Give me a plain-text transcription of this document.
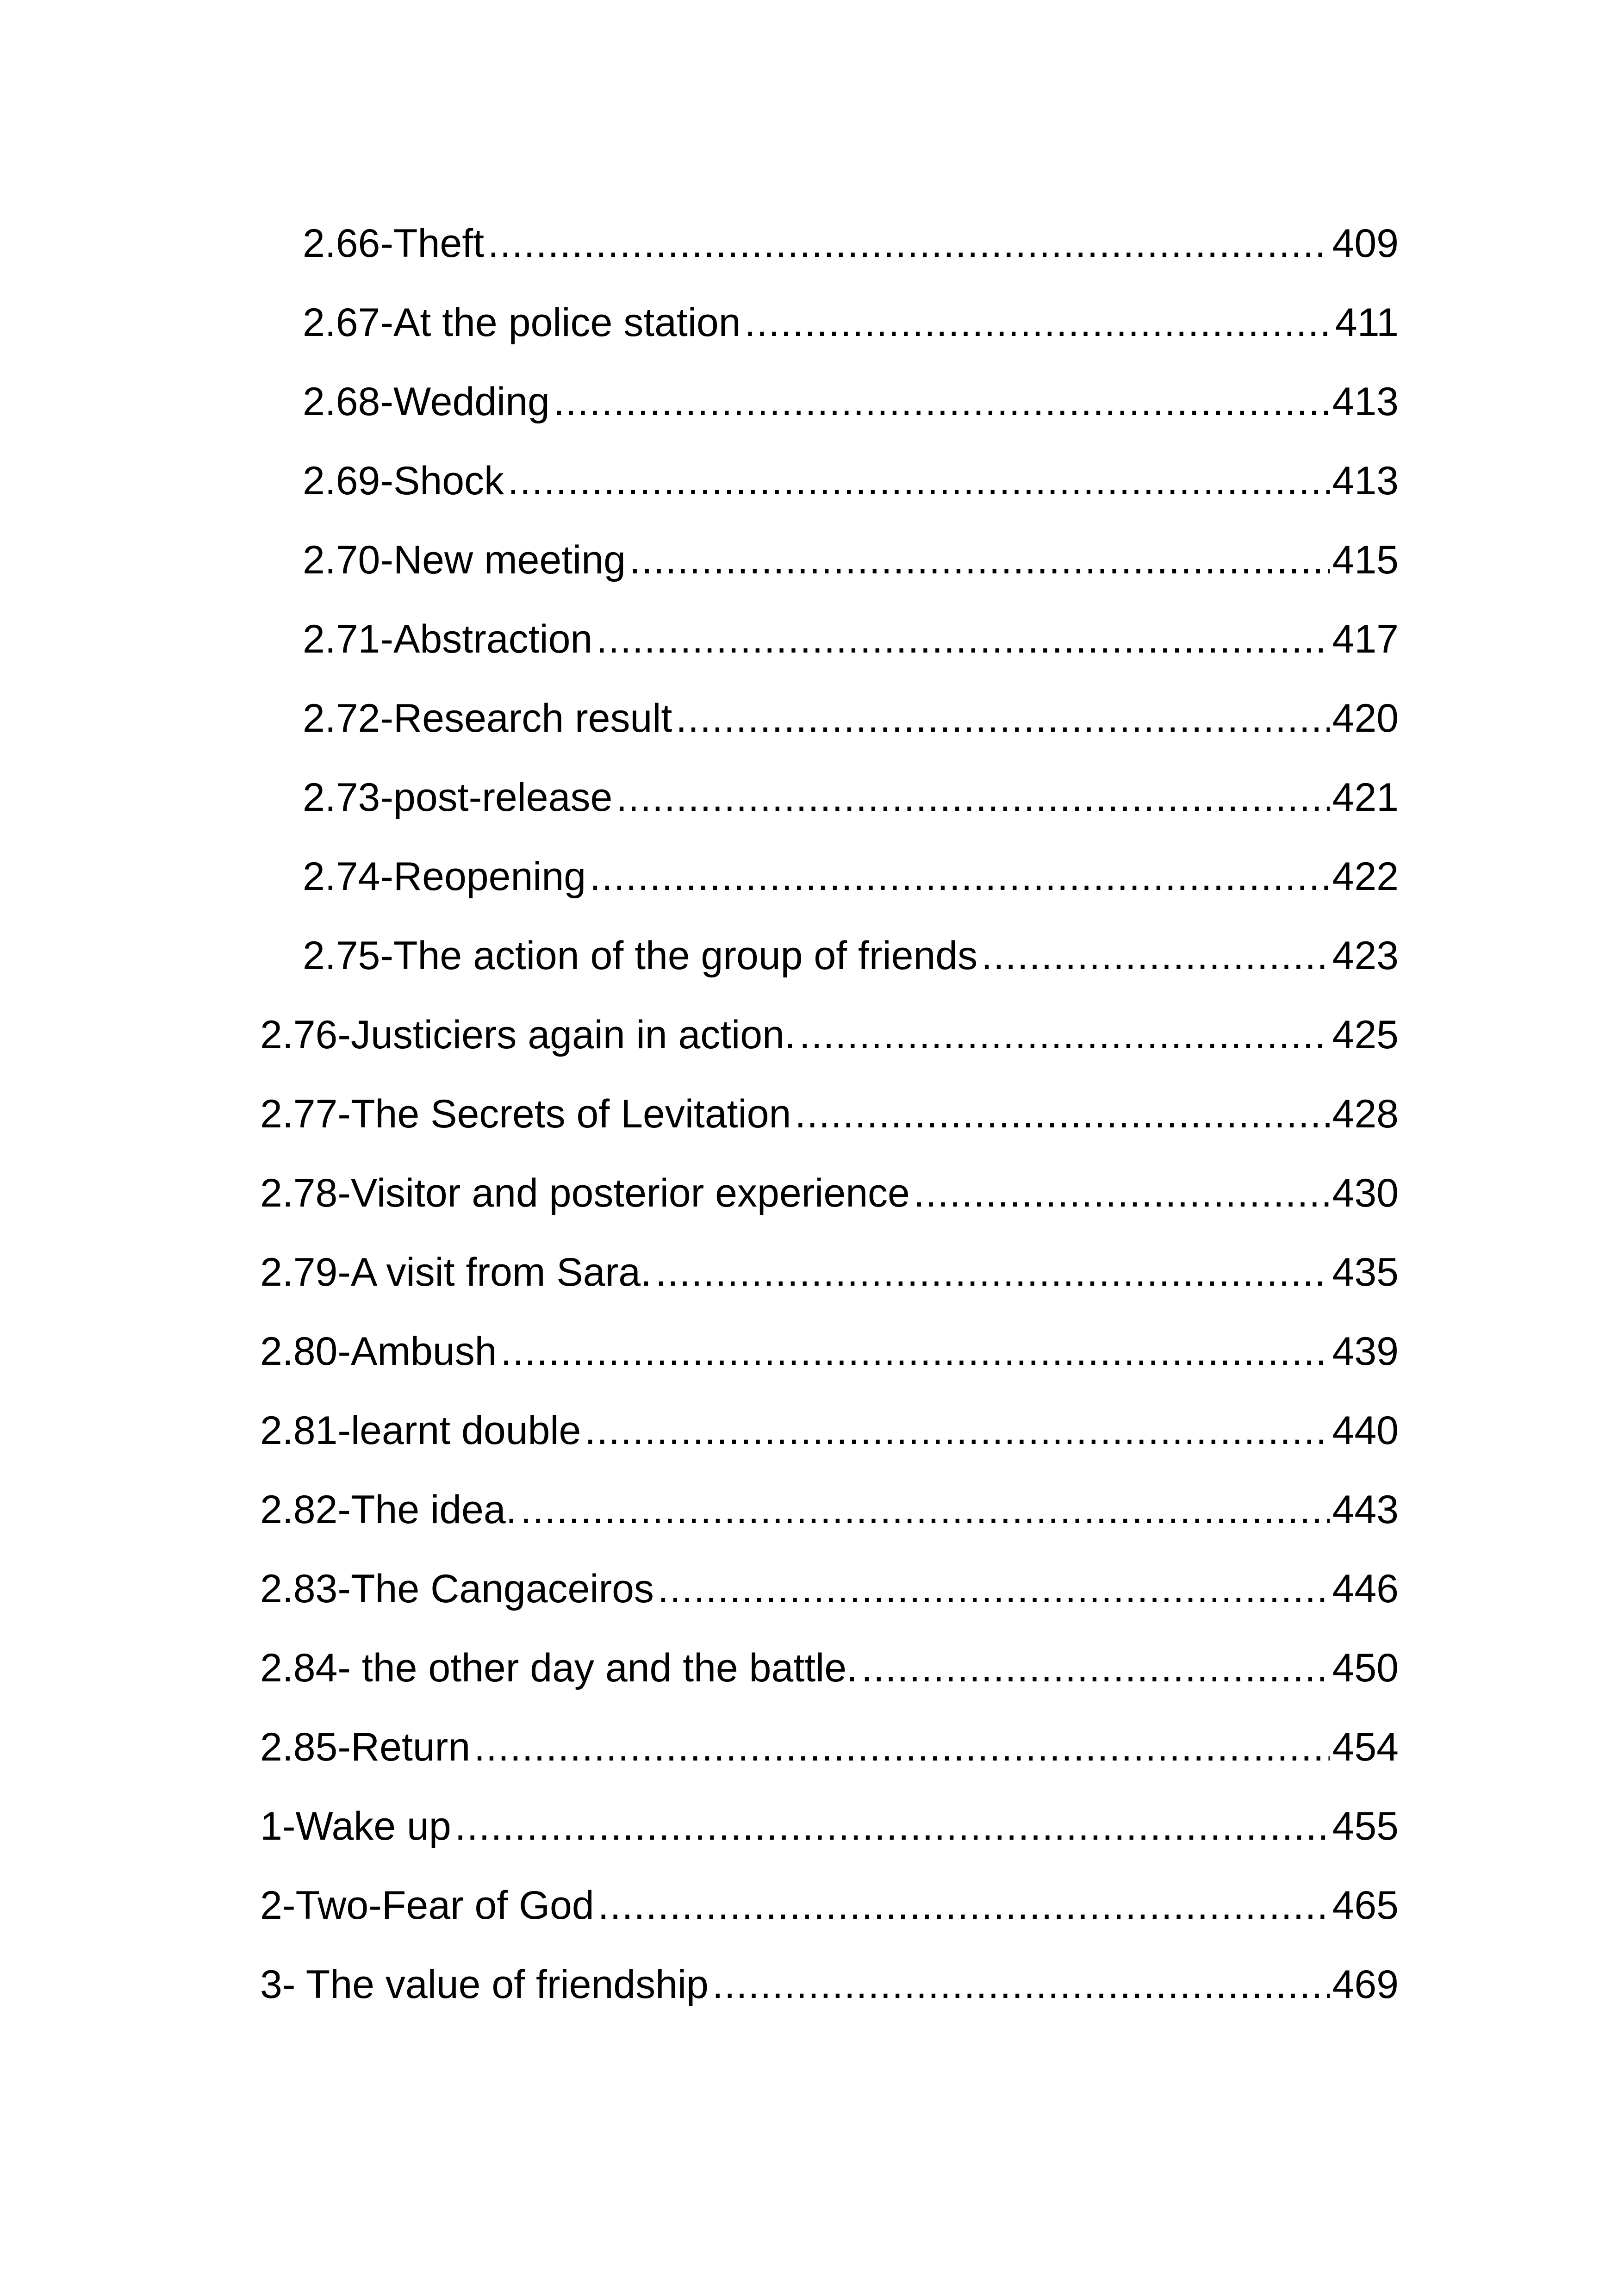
2.66-Theft .....	409
2.67-At the police station .....	411
2.68-Wedding .....	413
2.69-Shock .....	413
2.70-New meeting .....	415
2.71-Abstraction .....	417
2.72-Research result .....	420
2.73-post-release .....	421
2.74-Reopening .....	422
2.75-The action of the group of friends .....	423
2.76-Justiciers again in action. .....	425
2.77-The Secrets of Levitation .....	428
2.78-Visitor and posterior experience .....	430
2.79-A visit from Sara. .....	435
2.80-Ambush .....	439
2.81-learnt double .....	440
2.82-The idea. .....	443
2.83-The Cangaceiros .....	446
2.84- the other day and the battle. .....	450
2.85-Return .....	454
1-Wake up .....	455
2-Two-Fear of God .....	465
3- The value of friendship .....	469
